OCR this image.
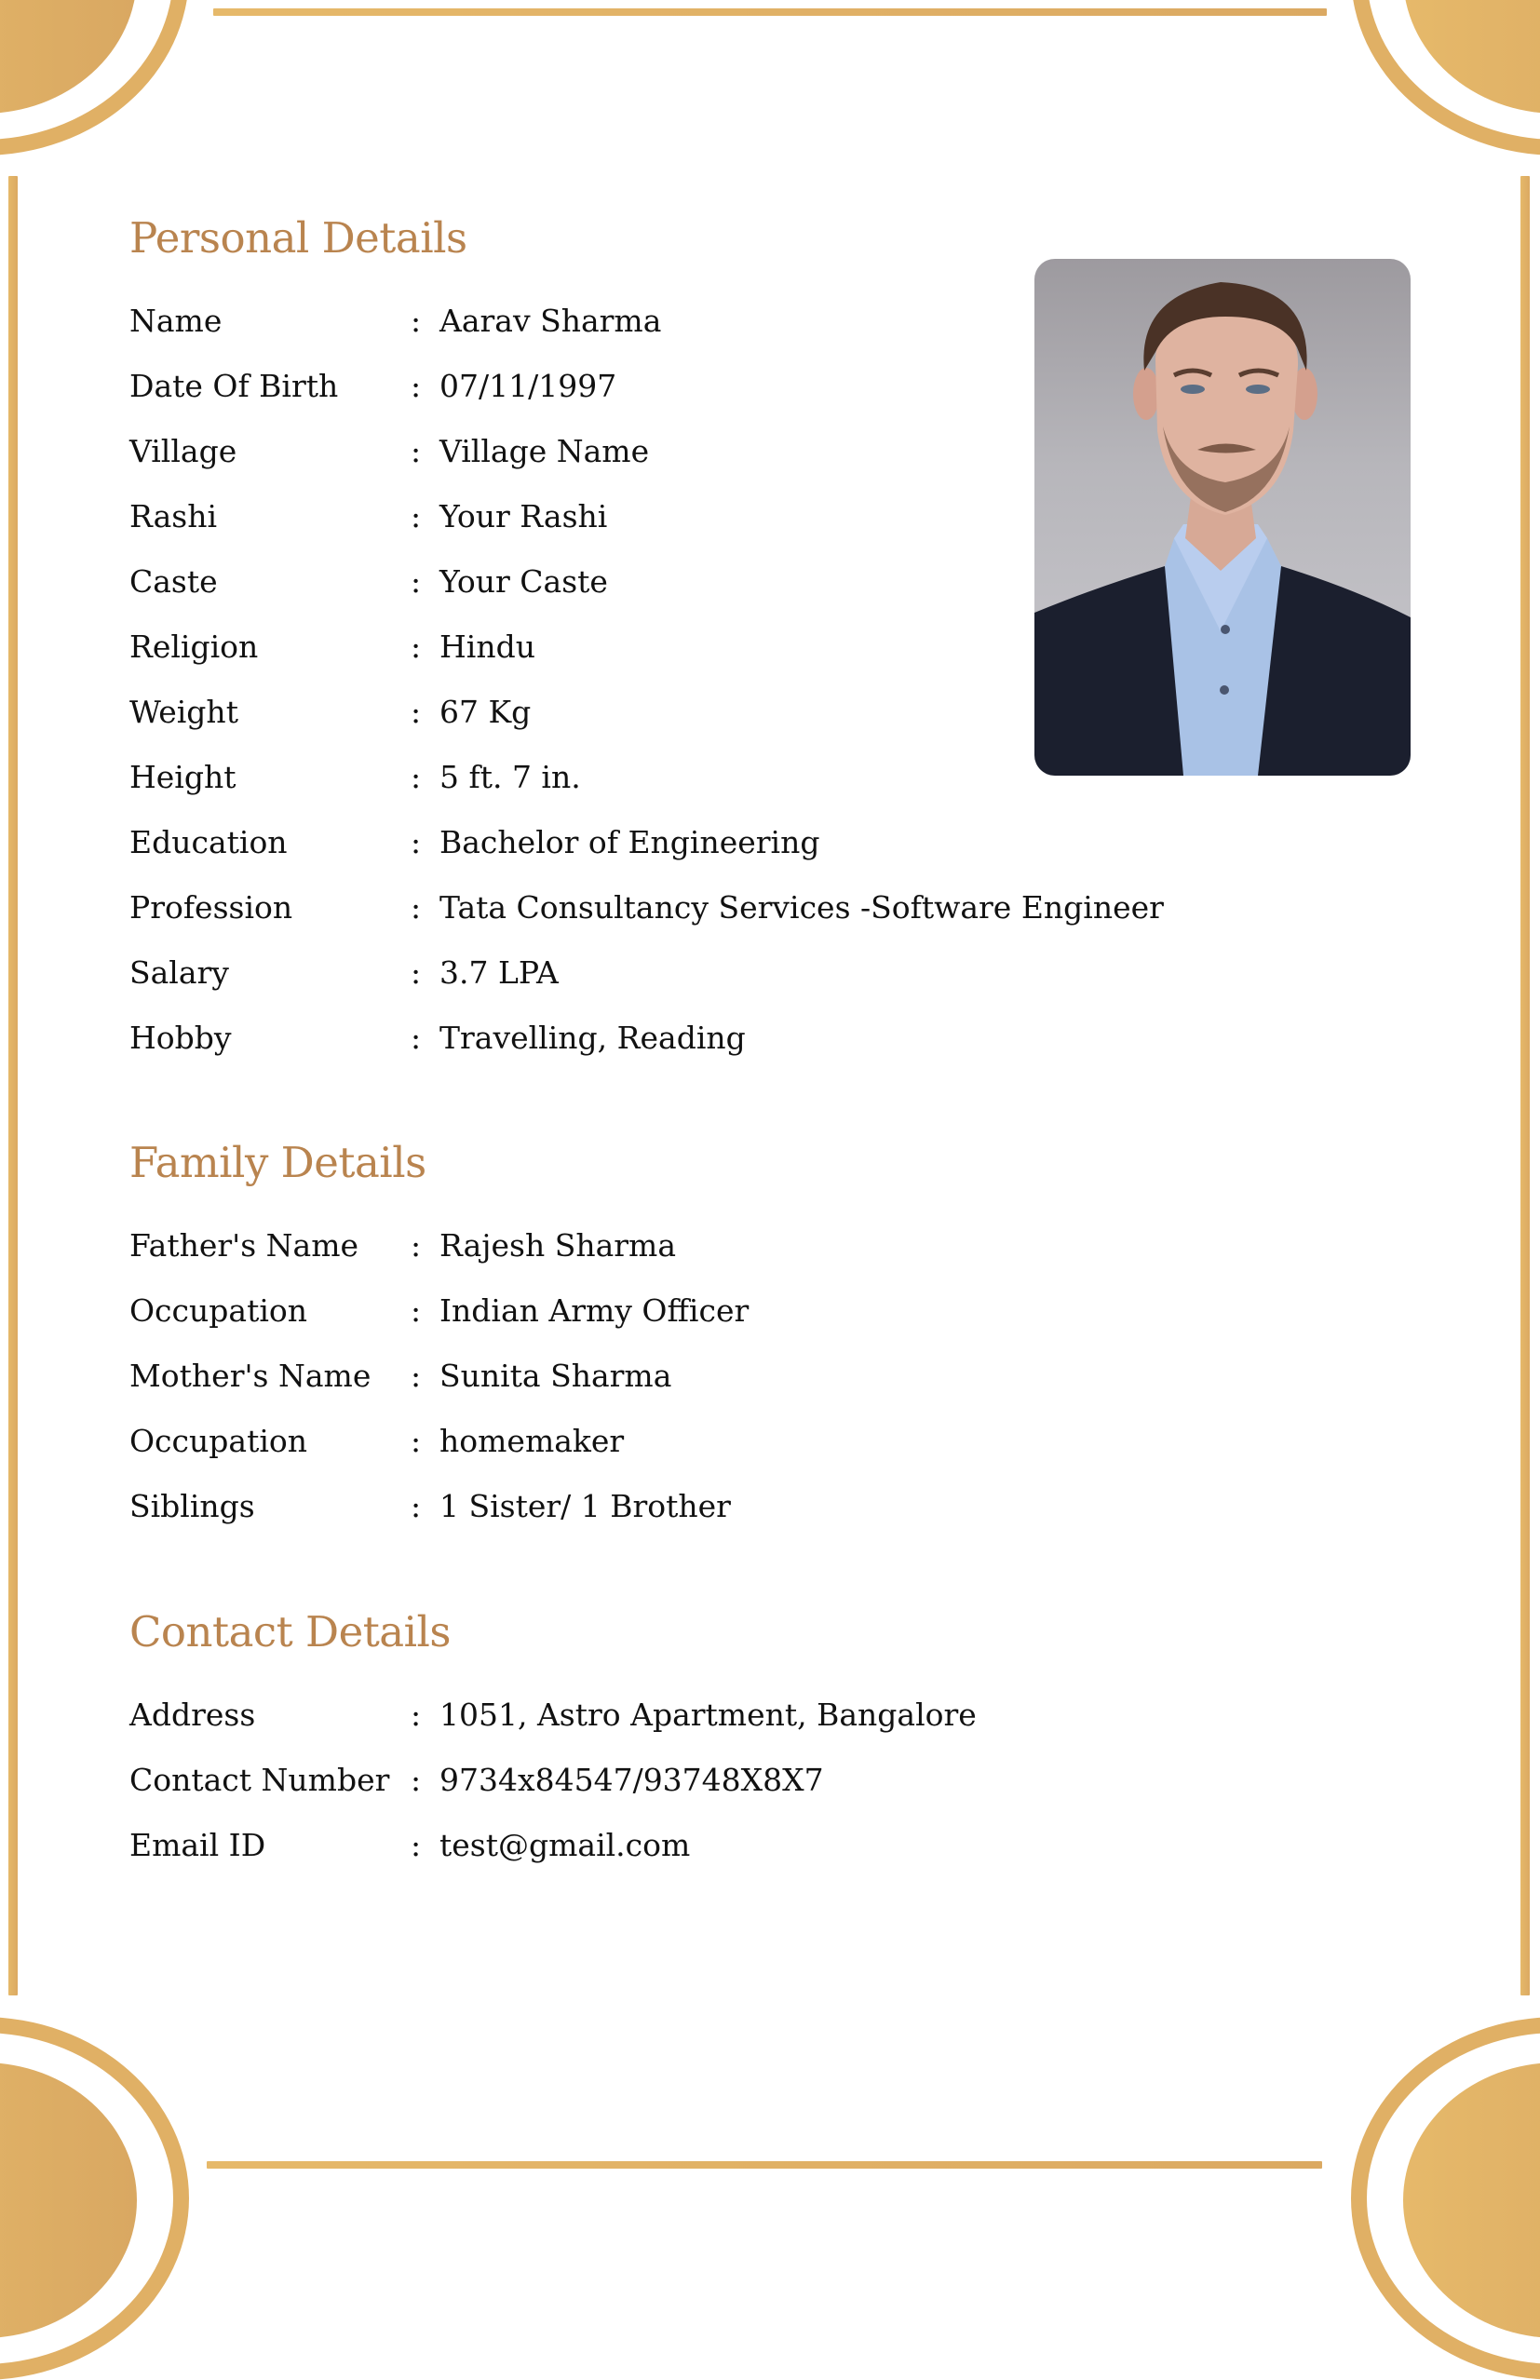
Personal Details
Name	: Aarav Sharma
Date Of Birth : 07/11/1997
Village	: Village Name
Rashi	: Your Rashi
Caste	: Your Caste
Religion	: Hindu
Weight	: 67 Kg
Height	: 5 ft. 7 in.
Education	: Bachelor of Engineering
Profession	: Tata Consultancy Services -Software Engineer
Salary	: 3.7 LPA
Hobby	: Travelling, Reading
Family Details
Father's Name : Rajesh Sharma
Occupation	: Indian Army Officer
Mother's Name : Sunita Sharma
Occupation	: homemaker
Siblings	: 1 Sister/ 1 Brother
Contact Details
Address	: 1051, Astro Apartment, Bangalore
Contact Number : 9734x84547/93748X8X7
Email ID	: test@gmail.com
